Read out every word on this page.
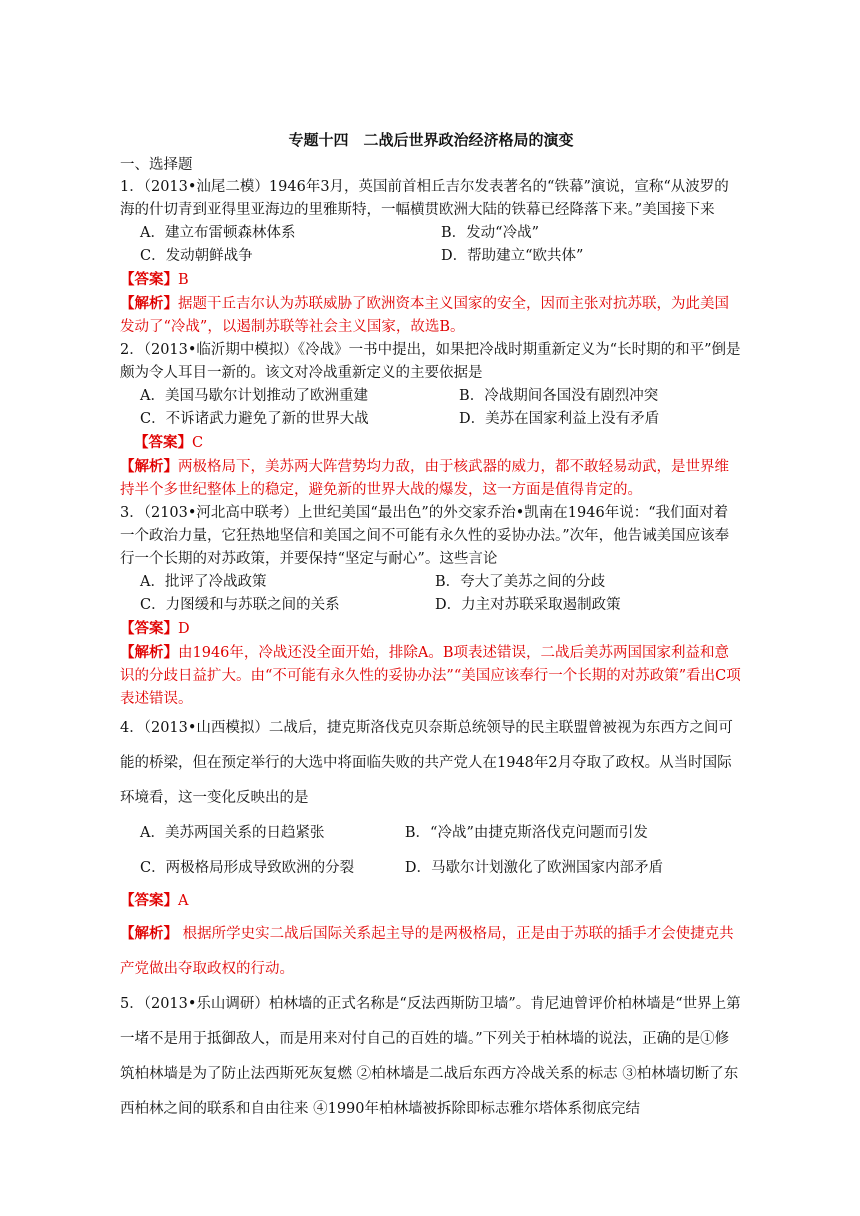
专题十四　二战后世界政治经济格局的演变
一、选择题

1．（2013•汕尾二模）1946年3月，英国前首相丘吉尔发表著名的“铁幕”演说，宣称“从波罗的海的什切青到亚得里亚海边的里雅斯特，一幅横贯欧洲大陆的铁幕已经降落下来。”美国接下来

A．建立布雷顿森林体系	B．发动“冷战”
C．发动朝鲜战争	D．帮助建立“欧共体”
【答案】B
【解析】据题干丘吉尔认为苏联威胁了欧洲资本主义国家的安全，因而主张对抗苏联，为此美国发动了“冷战”，以遏制苏联等社会主义国家，故选B。

2．（2013•临沂期中模拟）《冷战》一书中提出，如果把冷战时期重新定义为“长时期的和平”倒是颇为令人耳目一新的。该文对冷战重新定义的主要依据是

A．美国马歇尔计划推动了欧洲重建	B．冷战期间各国没有剧烈冲突
C．不诉诸武力避免了新的世界大战	D．美苏在国家利益上没有矛盾
【答案】C
【解析】两极格局下，美苏两大阵营势均力敌，由于核武器的威力，都不敢轻易动武，是世界维持半个多世纪整体上的稳定，避免新的世界大战的爆发，这一方面是值得肯定的。

3．（2103•河北高中联考）上世纪美国“最出色”的外交家乔治•凯南在1946年说：“我们面对着一个政治力量，它狂热地坚信和美国之间不可能有永久性的妥协办法。”次年，他告诫美国应该奉行一个长期的对苏政策，并要保持“坚定与耐心”。这些言论

A．批评了冷战政策	B．夸大了美苏之间的分歧
C．力图缓和与苏联之间的关系	D．力主对苏联采取遏制政策
【答案】D
【解析】由1946年，冷战还没全面开始，排除A。B项表述错误，二战后美苏两国国家利益和意识的分歧日益扩大。由“不可能有永久性的妥协办法”“美国应该奉行一个长期的对苏政策”看出C项表述错误。

4．（2013•山西模拟）二战后，捷克斯洛伐克贝奈斯总统领导的民主联盟曾被视为东西方之间可能的桥梁，但在预定举行的大选中将面临失败的共产党人在1948年2月夺取了政权。从当时国际环境看，这一变化反映出的是

A．美苏两国关系的日趋紧张	B．“冷战”由捷克斯洛伐克问题而引发
C．两极格局形成导致欧洲的分裂	D．马歇尔计划激化了欧洲国家内部矛盾
【答案】A
【解析】 根据所学史实二战后国际关系起主导的是两极格局，正是由于苏联的插手才会使捷克共产党做出夺取政权的行动。

5．（2013•乐山调研）柏林墙的正式名称是“反法西斯防卫墙”。肯尼迪曾评价柏林墙是“世界上第一堵不是用于抵御敌人，而是用来对付自己的百姓的墙。”下列关于柏林墙的说法，正确的是①修筑柏林墙是为了防止法西斯死灰复燃 ②柏林墙是二战后东西方冷战关系的标志 ③柏林墙切断了东西柏林之间的联系和自由往来 ④1990年柏林墙被拆除即标志雅尔塔体系彻底完结
